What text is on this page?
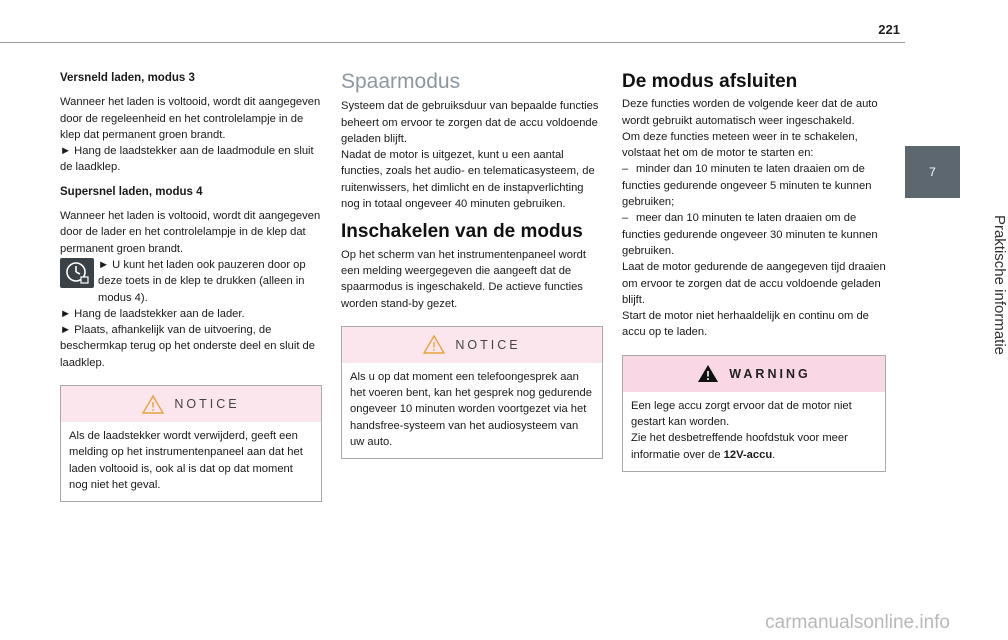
221
7
Praktische informatie
Versneld laden, modus 3

Wanneer het laden is voltooid, wordt dit aangegeven door de regeleenheid en het controlelampje in de klep dat permanent groen brandt.

► Hang de laadstekker aan de laadmodule en sluit de laadklep.

Supersnel laden, modus 4

Wanneer het laden is voltooid, wordt dit aangegeven door de lader en het controlelampje in de klep dat permanent groen brandt.

► U kunt het laden ook pauzeren door op deze toets in de klep te drukken (alleen in modus 4).

► Hang de laadstekker aan de lader.

► Plaats, afhankelijk van de uitvoering, de beschermkap terug op het onderste deel en sluit de laadklep.

NOTICE

Als de laadstekker wordt verwijderd, geeft een melding op het instrumentenpaneel aan dat het laden voltooid is, ook al is dat op dat moment nog niet het geval.

Spaarmodus

Systeem dat de gebruiksduur van bepaalde functies beheert om ervoor te zorgen dat de accu voldoende geladen blijft.

Nadat de motor is uitgezet, kunt u een aantal functies, zoals het audio- en telematicasysteem, de ruitenwissers, het dimlicht en de instapverlichting nog in totaal ongeveer 40 minuten gebruiken.

Inschakelen van de modus

Op het scherm van het instrumentenpaneel wordt een melding weergegeven die aangeeft dat de spaarmodus is ingeschakeld. De actieve functies worden stand-by gezet.

NOTICE

Als u op dat moment een telefoongesprek aan het voeren bent, kan het gesprek nog gedurende ongeveer 10 minuten worden voortgezet via het handsfree-systeem van het audiosysteem van uw auto.

De modus afsluiten

Deze functies worden de volgende keer dat de auto wordt gebruikt automatisch weer ingeschakeld.

Om deze functies meteen weer in te schakelen, volstaat het om de motor te starten en:

– minder dan 10 minuten te laten draaien om de functies gedurende ongeveer 5 minuten te kunnen gebruiken;

– meer dan 10 minuten te laten draaien om de functies gedurende ongeveer 30 minuten te kunnen gebruiken.

Laat de motor gedurende de aangegeven tijd draaien om ervoor te zorgen dat de accu voldoende geladen blijft.

Start de motor niet herhaaldelijk en continu om de accu op te laden.

WARNING

Een lege accu zorgt ervoor dat de motor niet gestart kan worden.

Zie het desbetreffende hoofdstuk voor meer informatie over de 12V-accu.

carmanualsonline.info
